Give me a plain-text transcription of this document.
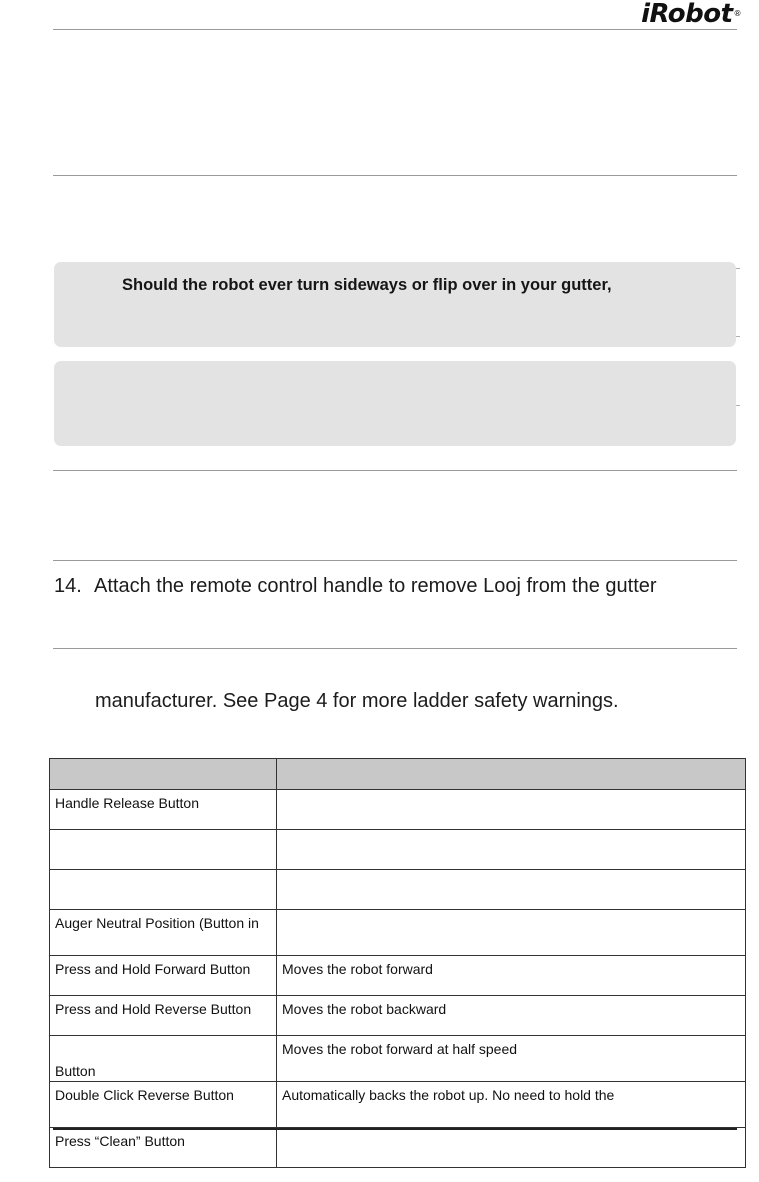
iRobot®
Should the robot ever turn sideways or flip over in your gutter,
14. Attach the remote control handle to remove Looj from the gutter
manufacturer. See Page 4 for more ladder safety warnings.

Handle Release Button	

Auger Neutral Position (Button in	
Press and Hold Forward Button	Moves the robot forward
Press and Hold Reverse Button	Moves the robot backward
Button	Moves the robot forward at half speed
Double Click Reverse Button	Automatically backs the robot up. No need to hold the
Press “Clean” Button	
